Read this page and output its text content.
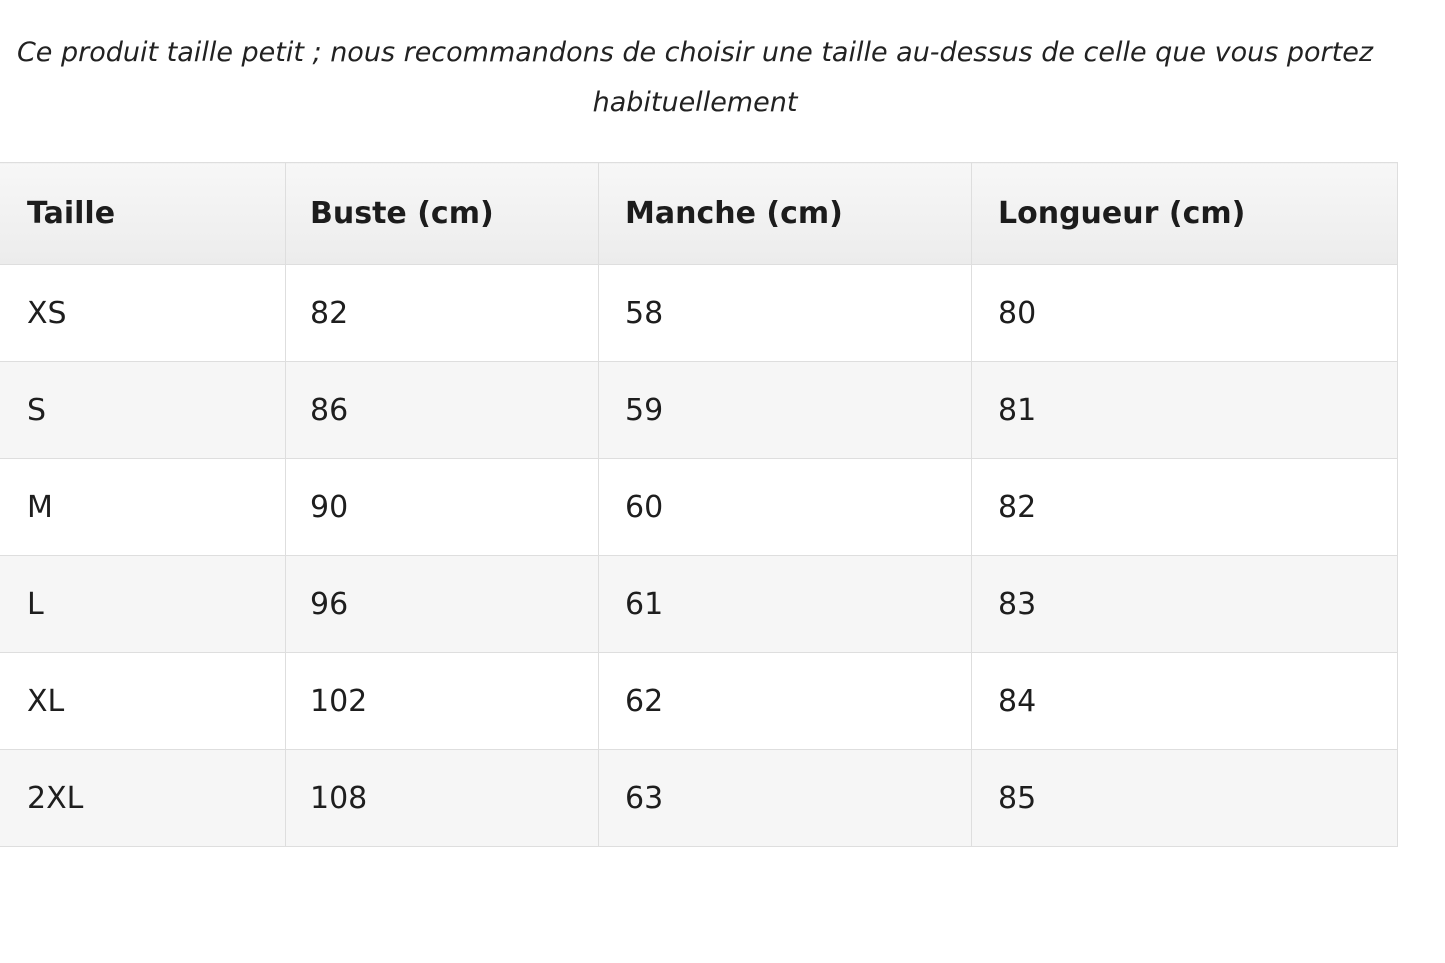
Ce produit taille petit ; nous recommandons de choisir une taille au-dessus de celle que vous portez
habituellement
Taille	Buste (cm)	Manche (cm)	Longueur (cm)
XS	82	58	80
S	86	59	81
M	90	60	82
L	96	61	83
XL	102	62	84
2XL	108	63	85
